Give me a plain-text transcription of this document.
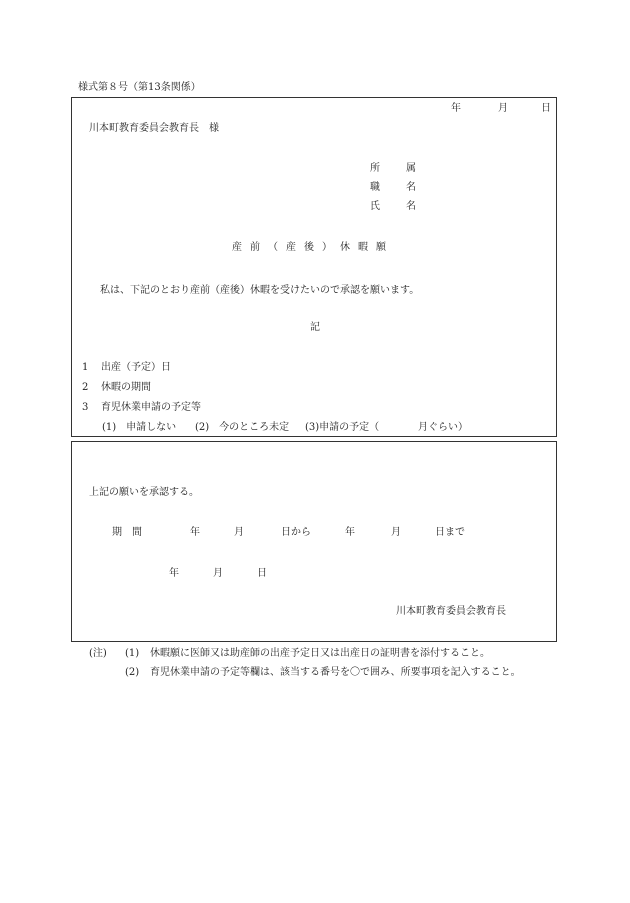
様式第８号（第13条関係）
年	月	日
川本町教育委員会教育長　様
所　属
職　名
氏　名
産前（産後）休暇願
私は、下記のとおり産前（産後）休暇を受けたいので承認を願います。
記
1 出産（予定）日
2 休暇の期間
3 育児休業申請の予定等
(1)　申請しない (2)　今のところ未定 (3)申請の予定（	月ぐらい）
上記の願いを承認する。
期　間	年	月	日から	年	月	日まで
年	月	日
川本町教育委員会教育長
(注) (1) 休暇願に医師又は助産師の出産予定日又は出産日の証明書を添付すること。
(2) 育児休業申請の予定等欄は、該当する番号を〇で囲み、所要事項を記入すること。
